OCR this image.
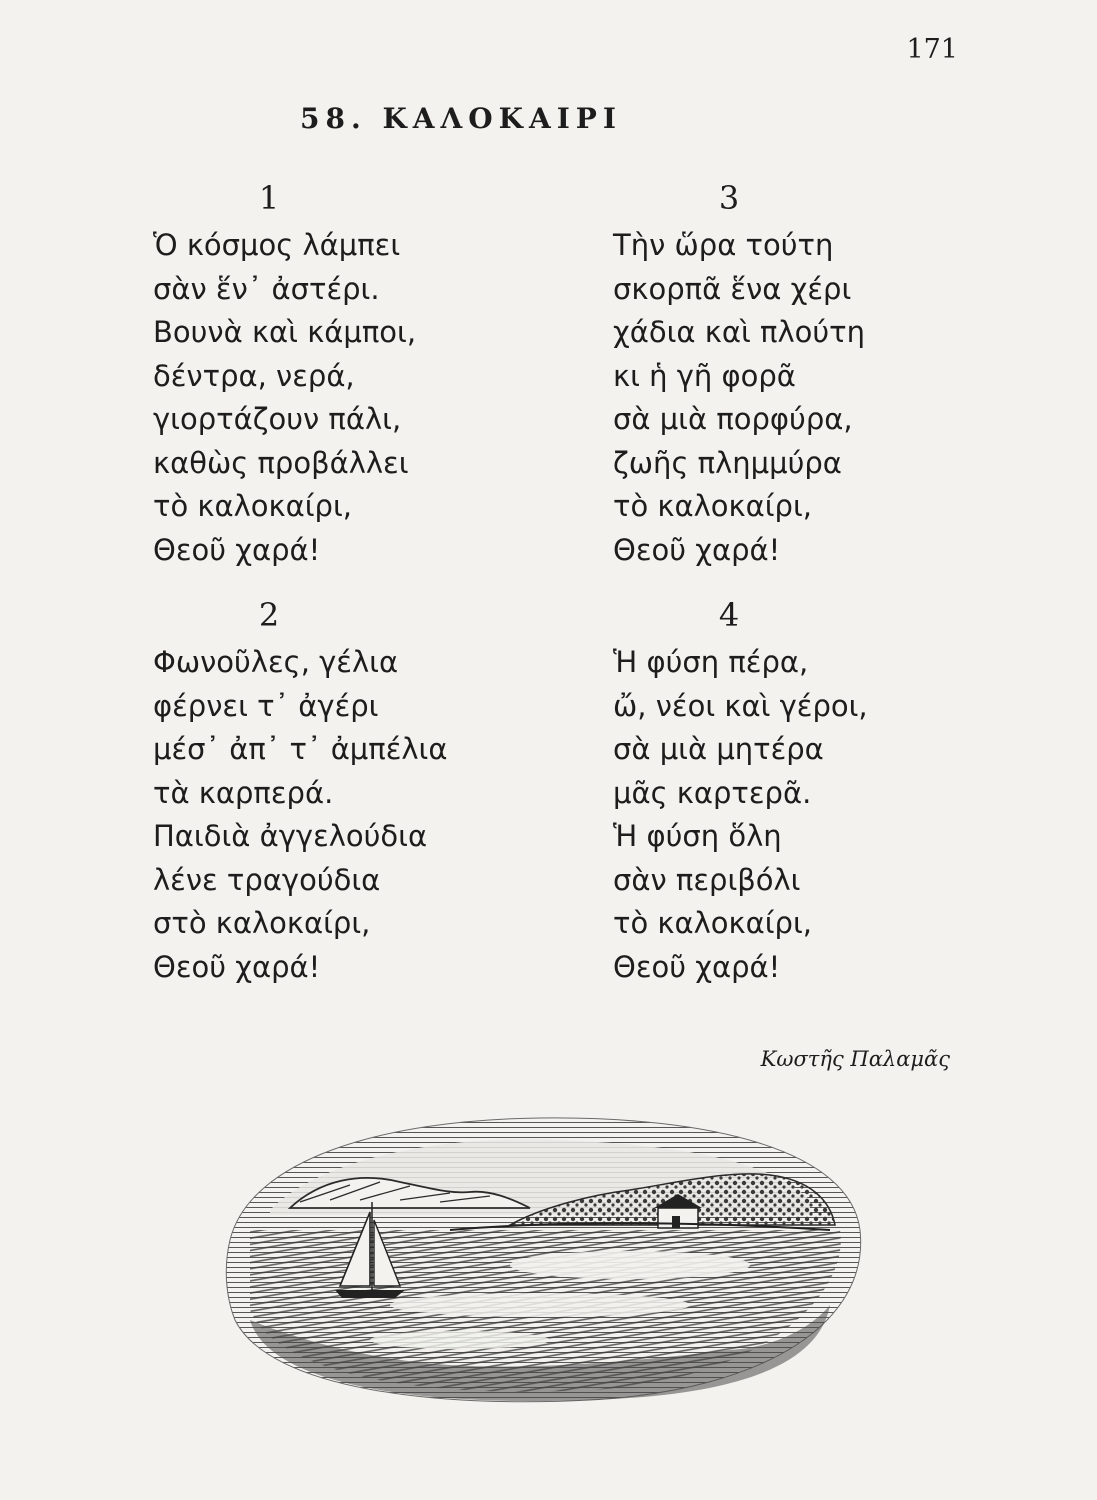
171
58. ΚΑΛΟΚΑΙΡΙ
1
Ὁ κόσμος λάμπει
σὰν ἕν᾽ ἀστέρι.
Βουνὰ καὶ κάμποι,
δέντρα, νερά,
γιορτάζουν πάλι,
καθὼς προβάλλει
τὸ καλοκαίρι,
Θεοῦ χαρά!
2
Φωνοῦλες, γέλια
φέρνει τ᾽ ἀγέρι
μέσ᾽ ἀπ᾽ τ᾽ ἀμπέλια
τὰ καρπερά.
Παιδιὰ ἀγγελούδια
λένε τραγούδια
στὸ καλοκαίρι,
Θεοῦ χαρά!
3
Τὴν ὥρα τούτη
σκορπᾶ ἕνα χέρι
χάδια καὶ πλούτη
κι ἡ γῆ φορᾶ
σὰ μιὰ πορφύρα,
ζωῆς πλημμύρα
τὸ καλοκαίρι,
Θεοῦ χαρά!
4
Ἡ φύση πέρα,
ὤ, νέοι καὶ γέροι,
σὰ μιὰ μητέρα
μᾶς καρτερᾶ.
Ἡ φύση ὅλη
σὰν περιβόλι
τὸ καλοκαίρι,
Θεοῦ χαρά!
Κωστῆς Παλαμᾶς
